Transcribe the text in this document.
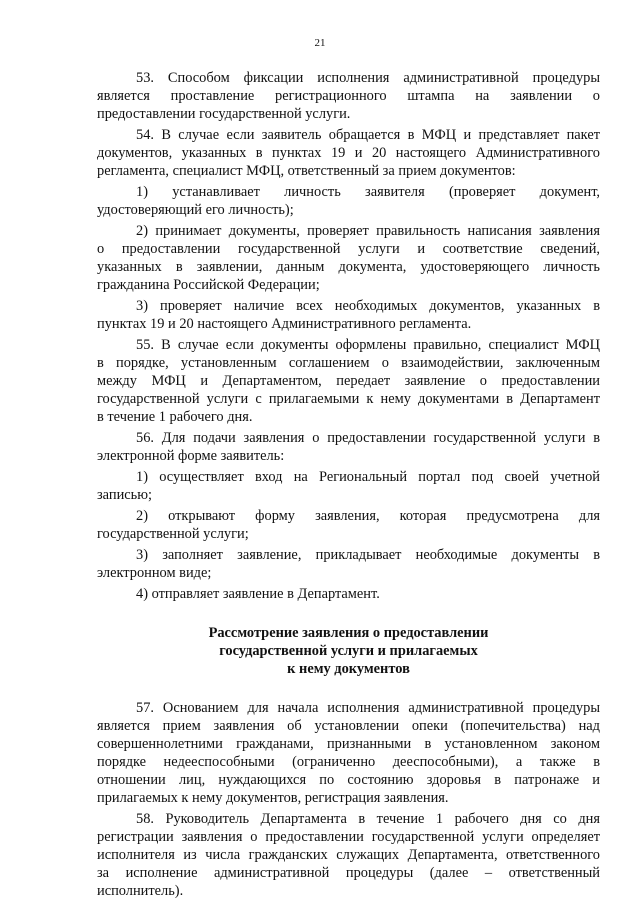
21
53. Способом фиксации исполнения административной процедуры
является проставление регистрационного штампа на заявлении о
предоставлении государственной услуги.
54. В случае если заявитель обращается в МФЦ и представляет пакет
документов, указанных в пунктах 19 и 20 настоящего Административного
регламента, специалист МФЦ, ответственный за прием документов:
1) устанавливает личность заявителя (проверяет документ,
удостоверяющий его личность);
2) принимает документы, проверяет правильность написания заявления
о предоставлении государственной услуги и соответствие сведений,
указанных в заявлении, данным документа, удостоверяющего личность
гражданина Российской Федерации;
3) проверяет наличие всех необходимых документов, указанных в
пунктах 19 и 20 настоящего Административного регламента.
55. В случае если документы оформлены правильно, специалист МФЦ
в порядке, установленным соглашением о взаимодействии, заключенным
между МФЦ и Департаментом, передает заявление о предоставлении
государственной услуги с прилагаемыми к нему документами в Департамент
в течение 1 рабочего дня.
56. Для подачи заявления о предоставлении государственной услуги в
электронной форме заявитель:
1) осуществляет вход на Региональный портал под своей учетной
записью;
2) открывают форму заявления, которая предусмотрена для
государственной услуги;
3) заполняет заявление, прикладывает необходимые документы в
электронном виде;
4) отправляет заявление в Департамент.
Рассмотрение заявления о предоставлении
государственной услуги и прилагаемых
к нему документов
57. Основанием для начала исполнения административной процедуры
является прием заявления об установлении опеки (попечительства) над
совершеннолетними гражданами, признанными в установленном законом
порядке недееспособными (ограниченно дееспособными), а также в
отношении лиц, нуждающихся по состоянию здоровья в патронаже и
прилагаемых к нему документов, регистрация заявления.
58. Руководитель Департамента в течение 1 рабочего дня со дня
регистрации заявления о предоставлении государственной услуги определяет
исполнителя из числа гражданских служащих Департамента, ответственного
за исполнение административной процедуры (далее – ответственный
исполнитель).
